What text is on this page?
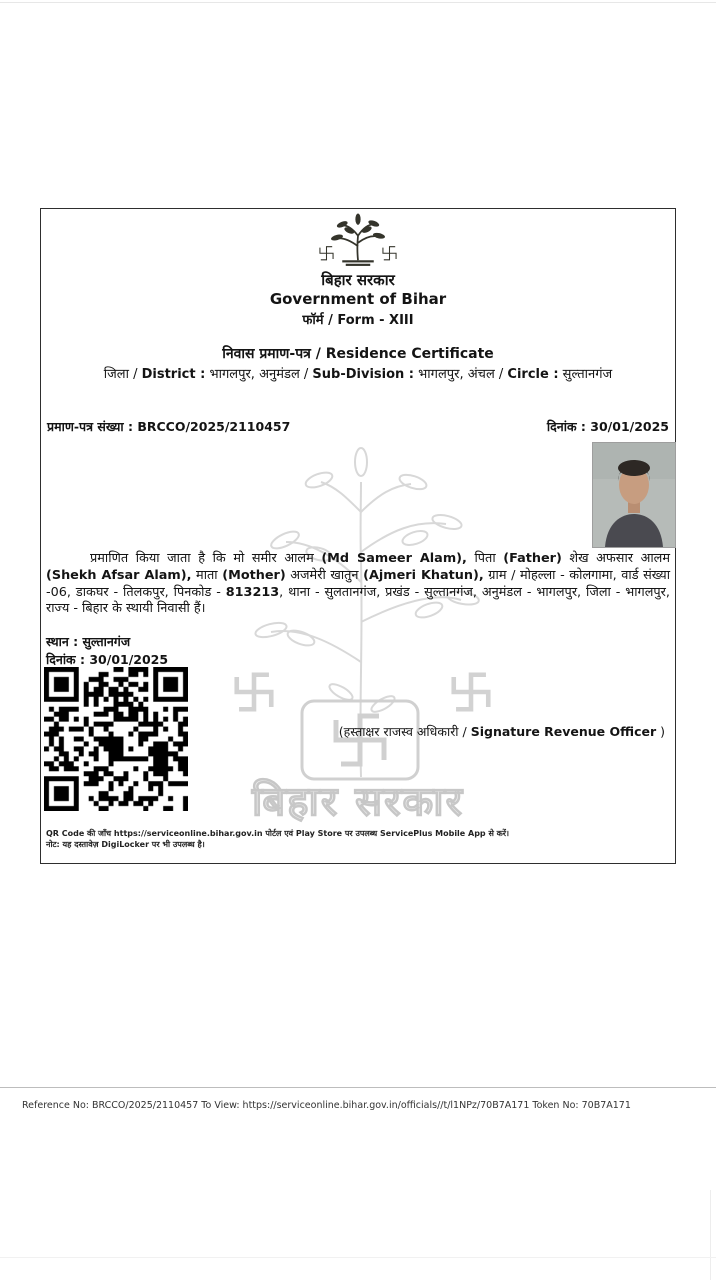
बिहार सरकार
बिहार सरकार
Government of Bihar
फॉर्म / Form - XIII
निवास प्रमाण-पत्र / Residence Certificate
जिला / District : भागलपुर, अनुमंडल / Sub-Division : भागलपुर, अंचल / Circle : सुल्तानगंज
प्रमाण-पत्र संख्या : BRCCO/2025/2110457	दिनांक : 30/01/2025

प्रमाणित किया जाता है कि मो समीर आलम (Md Sameer Alam), पिता (Father) शेख अफसार आलम (Shekh Afsar Alam), माता (Mother) अजमेरी खातुन (Ajmeri Khatun), ग्राम / मोहल्ला - कोलगामा, वार्ड संख्या -06, डाकघर - तिलकपुर, पिनकोड - 813213, थाना - सुलतानगंज, प्रखंड - सुल्तानगंज, अनुमंडल - भागलपुर, जिला - भागलपुर, राज्य - बिहार के स्थायी निवासी हैं।

स्थान : सुल्तानगंज
दिनांक : 30/01/2025
(हस्ताक्षर राजस्व अधिकारी / Signature Revenue Officer )
QR Code की जाँच https://serviceonline.bihar.gov.in पोर्टल एवं Play Store पर उपलब्ध ServicePlus Mobile App से करें।
नोट: यह दस्तावेज़ DigiLocker पर भी उपलब्ध है।
Reference No: BRCCO/2025/2110457 To View: https://serviceonline.bihar.gov.in/officials//t/l1NPz/70B7A171 Token No: 70B7A171
